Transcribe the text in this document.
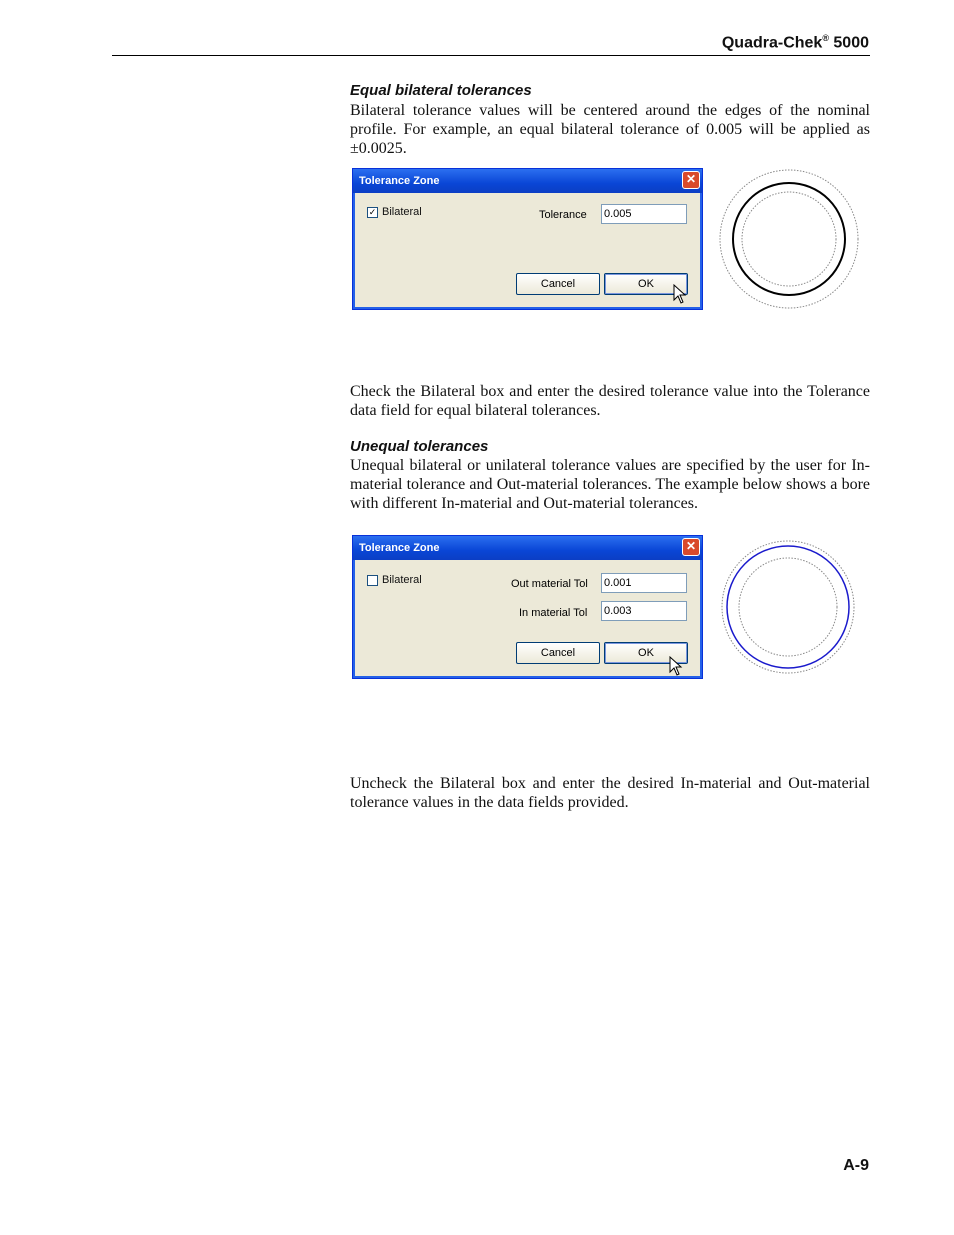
Quadra-Chek® 5000
Equal bilateral tolerances

Bilateral tolerance values will be centered around the edges of the nominal profile. For example, an equal bilateral tolerance of 0.005 will be applied as ±0.0025.

Tolerance Zone	✕
✓ Bilateral	Tolerance
0.005
Cancel	OK

Check the Bilateral box and enter the desired tolerance value into the Tolerance data field for equal bilateral tolerances.

Unequal tolerances

Unequal bilateral or unilateral tolerance values are specified by the user for In-material tolerance and Out-material tolerances. The example below shows a bore with different In-material and Out-material tolerances.

Tolerance Zone	✕
Bilateral	Out material Tol
0.001
In material Tol
0.003
Cancel	OK

Uncheck the Bilateral box and enter the desired In-material and Out-material tolerance values in the data fields provided.

A-9
